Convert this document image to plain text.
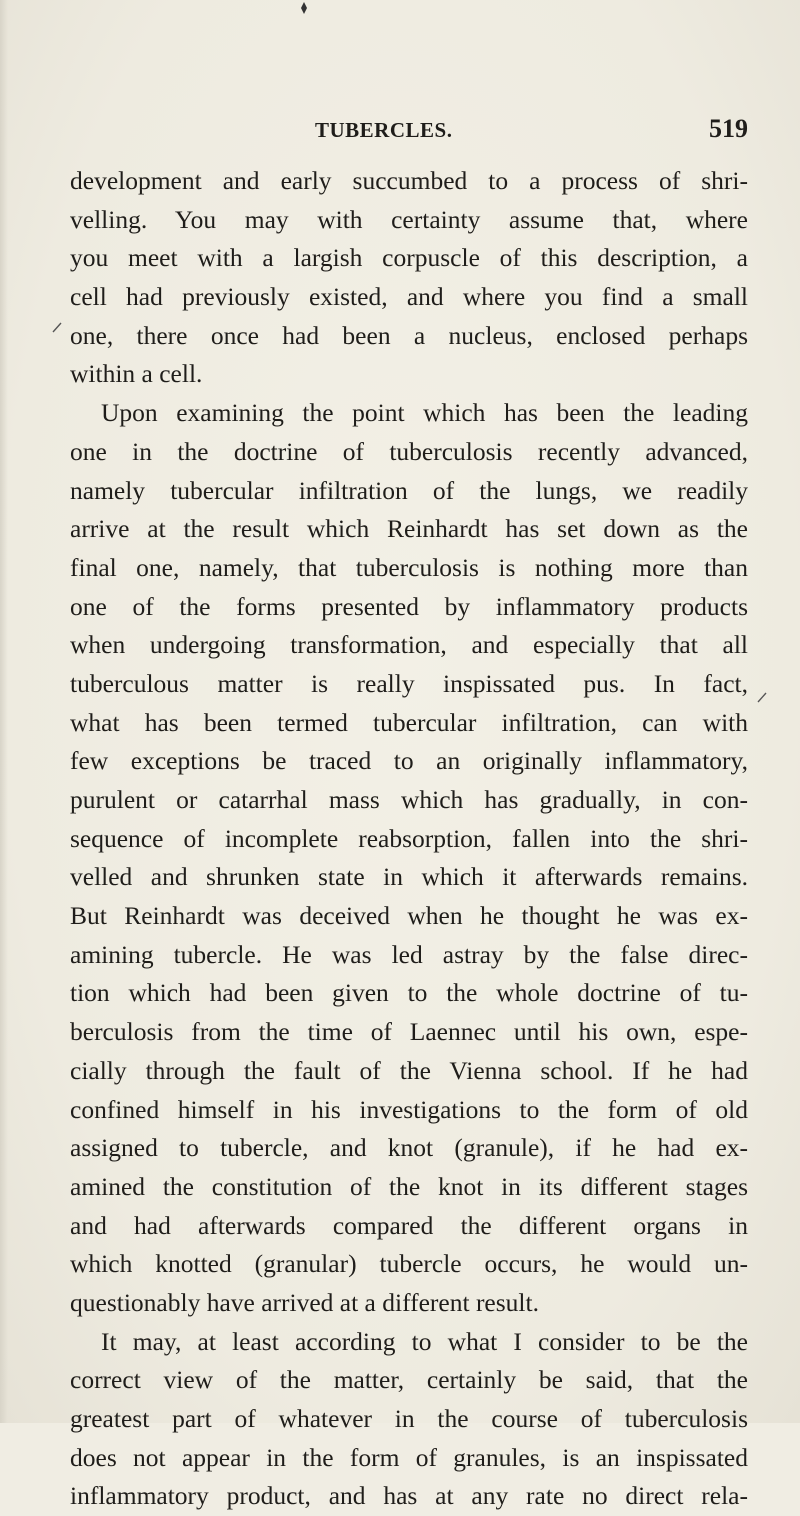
TUBERCLES.	519
development and early succumbed to a process of shri-
velling. You may with certainty assume that, where
you meet with a largish corpuscle of this description, a
cell had previously existed, and where you find a small
one, there once had been a nucleus, enclosed perhaps
within a cell.
Upon examining the point which has been the leading
one in the doctrine of tuberculosis recently advanced,
namely tubercular infiltration of the lungs, we readily
arrive at the result which Reinhardt has set down as the
final one, namely, that tuberculosis is nothing more than
one of the forms presented by inflammatory products
when undergoing transformation, and especially that all
tuberculous matter is really inspissated pus. In fact,
what has been termed tubercular infiltration, can with
few exceptions be traced to an originally inflammatory,
purulent or catarrhal mass which has gradually, in con-
sequence of incomplete reabsorption, fallen into the shri-
velled and shrunken state in which it afterwards remains.
But Reinhardt was deceived when he thought he was ex-
amining tubercle. He was led astray by the false direc-
tion which had been given to the whole doctrine of tu-
berculosis from the time of Laennec until his own, espe-
cially through the fault of the Vienna school. If he had
confined himself in his investigations to the form of old
assigned to tubercle, and knot (granule), if he had ex-
amined the constitution of the knot in its different stages
and had afterwards compared the different organs in
which knotted (granular) tubercle occurs, he would un-
questionably have arrived at a different result.
It may, at least according to what I consider to be the
correct view of the matter, certainly be said, that the
greatest part of whatever in the course of tuberculosis
does not appear in the form of granules, is an inspissated
inflammatory product, and has at any rate no direct rela-
